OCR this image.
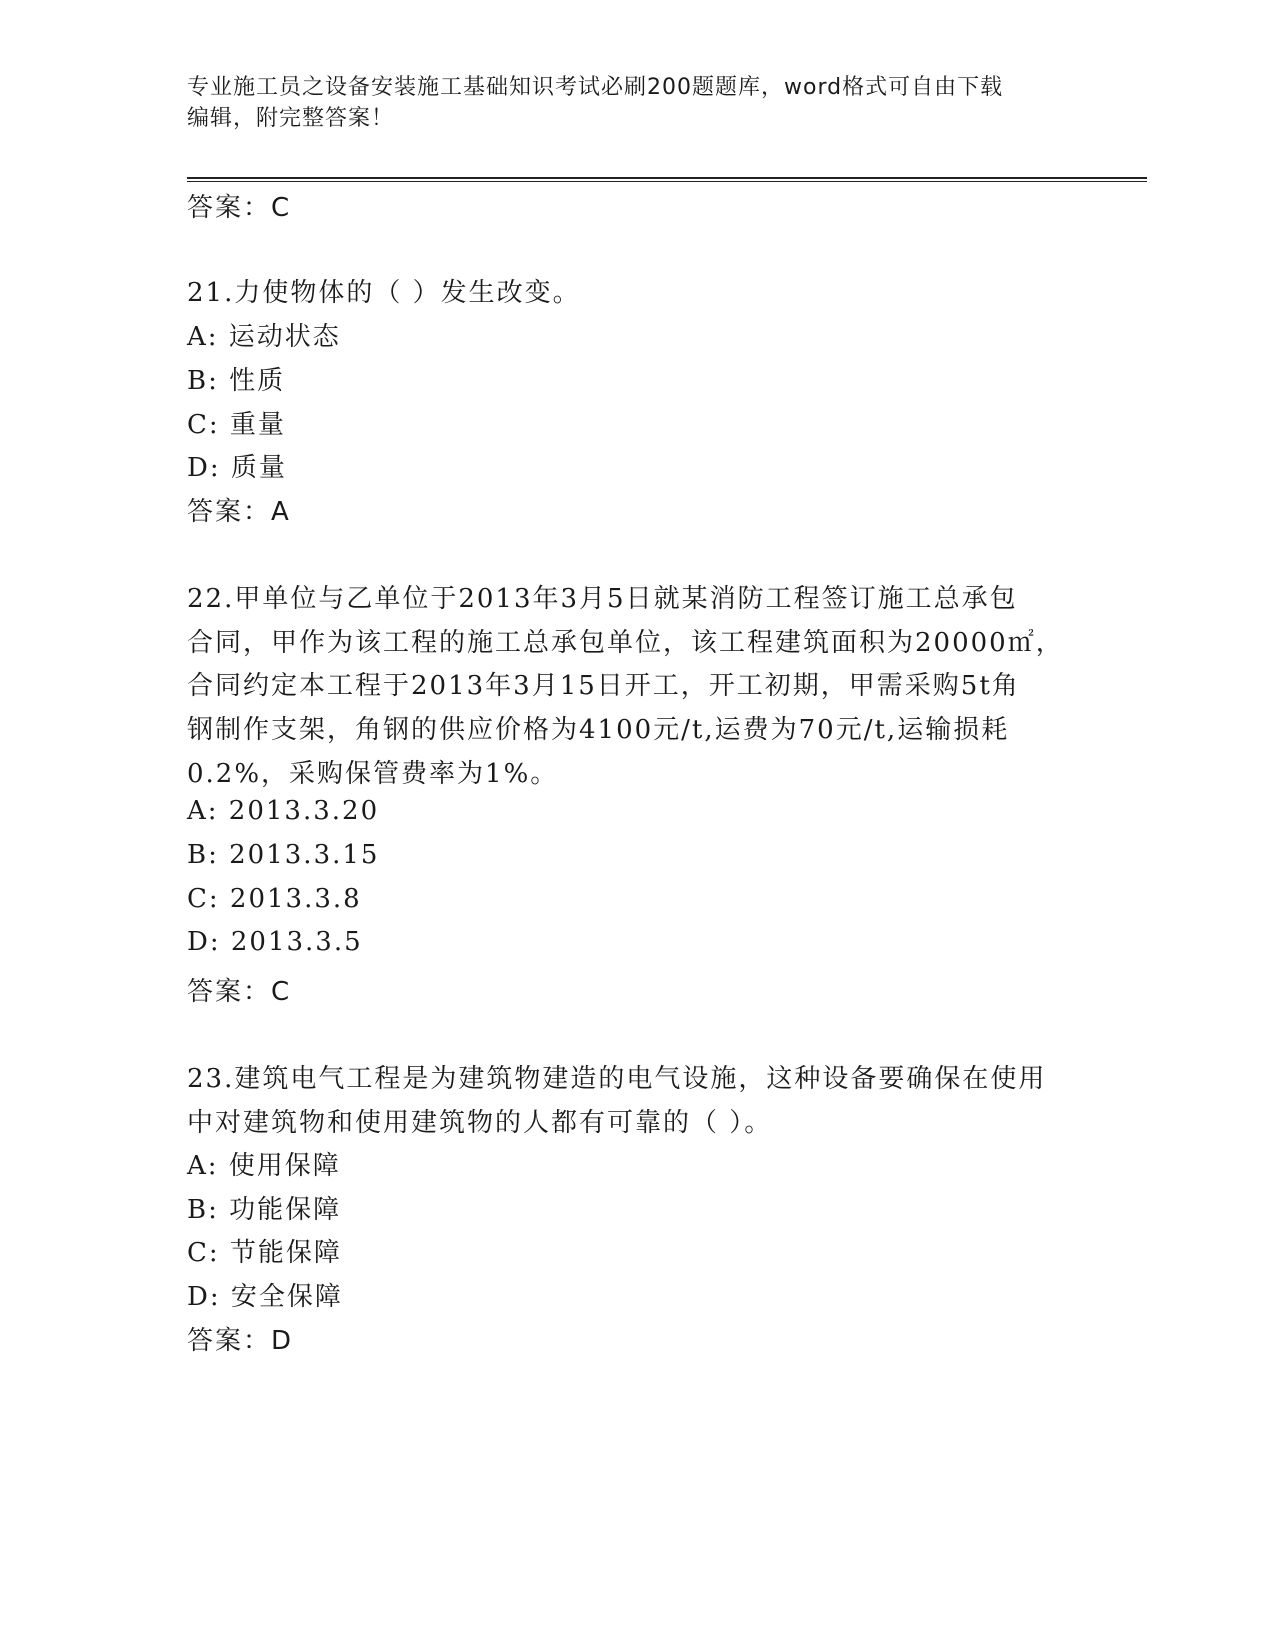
专业施工员之设备安装施工基础知识考试必刷200题题库，word格式可自由下载
编辑，附完整答案！
答案：C
21.力使物体的（ ）发生改变。
A: 运动状态
B: 性质
C: 重量
D: 质量
答案：A
22.甲单位与乙单位于2013年3月5日就某消防工程签订施工总承包
合同，甲作为该工程的施工总承包单位，该工程建筑面积为20000㎡，
合同约定本工程于2013年3月15日开工，开工初期，甲需采购5t角
钢制作支架，角钢的供应价格为4100元/t,运费为70元/t,运输损耗
0.2%，采购保管费率为1%。
A: 2013.3.20
B: 2013.3.15
C: 2013.3.8
D: 2013.3.5
答案：C
23.建筑电气工程是为建筑物建造的电气设施，这种设备要确保在使用
中对建筑物和使用建筑物的人都有可靠的（ ）。
A: 使用保障
B: 功能保障
C: 节能保障
D: 安全保障
答案：D
